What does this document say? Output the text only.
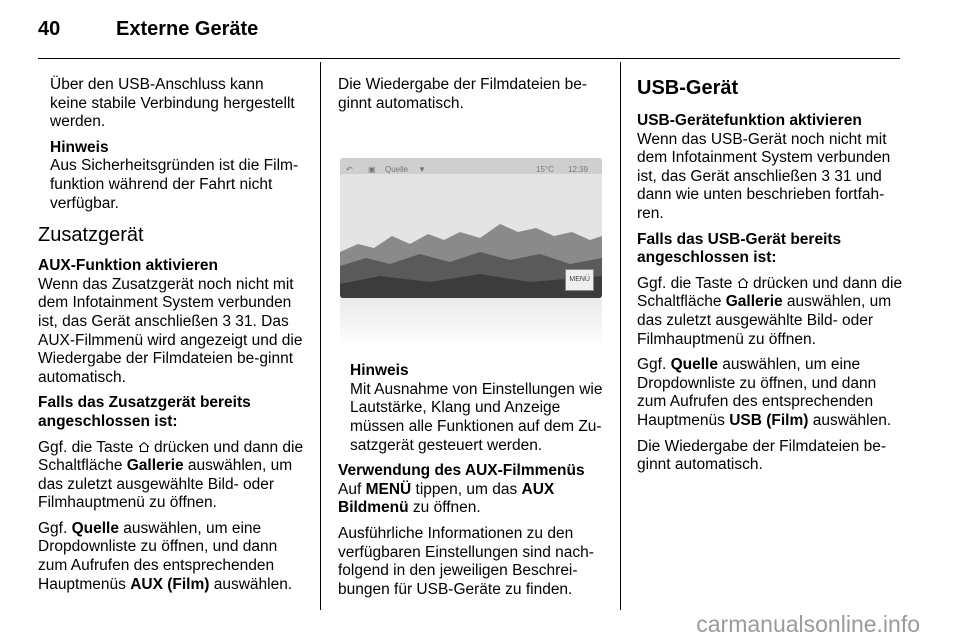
40	Externe Geräte

Über den USB-Anschluss kann keine stabile Verbindung hergestellt werden.

Hinweis

Aus Sicherheitsgründen ist die Film-funktion während der Fahrt nicht verfügbar.

Zusatzgerät

AUX-Funktion aktivieren

Wenn das Zusatzgerät noch nicht mit dem Infotainment System verbunden ist, das Gerät anschließen 3 31. Das AUX-Filmmenü wird angezeigt und die Wiedergabe der Filmdateien be-ginnt automatisch.

Falls das Zusatzgerät bereits angeschlossen ist:

Ggf. die Taste  drücken und dann die Schaltfläche Gallerie auswählen, um das zuletzt ausgewählte Bild- oder Filmhauptmenü zu öffnen.

Ggf. Quelle auswählen, um eine Dropdownliste zu öffnen, und dann zum Aufrufen des entsprechenden Hauptmenüs AUX (Film) auswählen.

Die Wiedergabe der Filmdateien be-ginnt automatisch.

↶ ▣ Quelle ▼	15°C 12:39
MENÜ

Hinweis

Mit Ausnahme von Einstellungen wie Lautstärke, Klang und Anzeige müssen alle Funktionen auf dem Zu-satzgerät gesteuert werden.

Verwendung des AUX-Filmmenüs

Auf MENÜ tippen, um das AUX Bildmenü zu öffnen.

Ausführliche Informationen zu den verfügbaren Einstellungen sind nach-folgend in den jeweiligen Beschrei-bungen für USB-Geräte zu finden.

USB-Gerät

USB-Gerätefunktion aktivieren

Wenn das USB-Gerät noch nicht mit dem Infotainment System verbunden ist, das Gerät anschließen 3 31 und dann wie unten beschrieben fortfah-ren.

Falls das USB-Gerät bereits angeschlossen ist:

Ggf. die Taste  drücken und dann die Schaltfläche Gallerie auswählen, um das zuletzt ausgewählte Bild- oder Filmhauptmenü zu öffnen.

Ggf. Quelle auswählen, um eine Dropdownliste zu öffnen, und dann zum Aufrufen des entsprechenden Hauptmenüs USB (Film) auswählen.

Die Wiedergabe der Filmdateien be-ginnt automatisch.

carmanualsonline.info
